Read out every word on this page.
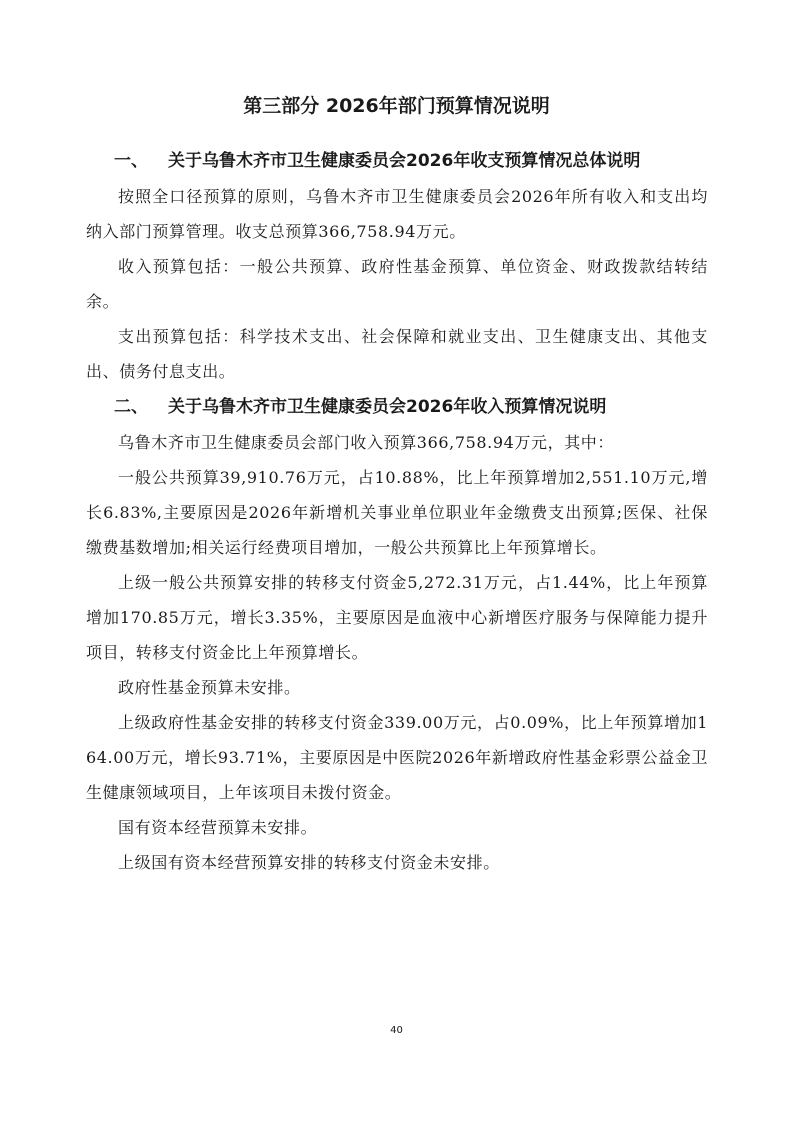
第三部分 2026年部门预算情况说明
一、 关于乌鲁木齐市卫生健康委员会2026年收支预算情况总体说明

按照全口径预算的原则，乌鲁木齐市卫生健康委员会2026年所有收入和支出均纳入部门预算管理。收支总预算366,758.94万元。

收入预算包括：一般公共预算、政府性基金预算、单位资金、财政拨款结转结余。

支出预算包括：科学技术支出、社会保障和就业支出、卫生健康支出、其他支出、债务付息支出。

二、 关于乌鲁木齐市卫生健康委员会2026年收入预算情况说明

乌鲁木齐市卫生健康委员会部门收入预算366,758.94万元，其中：

一般公共预算39,910.76万元，占10.88%，比上年预算增加2,551.10万元,增长6.83%,主要原因是2026年新增机关事业单位职业年金缴费支出预算;医保、社保缴费基数增加;相关运行经费项目增加，一般公共预算比上年预算增长。

上级一般公共预算安排的转移支付资金5,272.31万元，占1.44%，比上年预算增加170.85万元，增长3.35%，主要原因是血液中心新增医疗服务与保障能力提升项目，转移支付资金比上年预算增长。

政府性基金预算未安排。

上级政府性基金安排的转移支付资金339.00万元，占0.09%，比上年预算增加164.00万元，增长93.71%，主要原因是中医院2026年新增政府性基金彩票公益金卫生健康领域项目，上年该项目未拨付资金。

国有资本经营预算未安排。

上级国有资本经营预算安排的转移支付资金未安排。

40
